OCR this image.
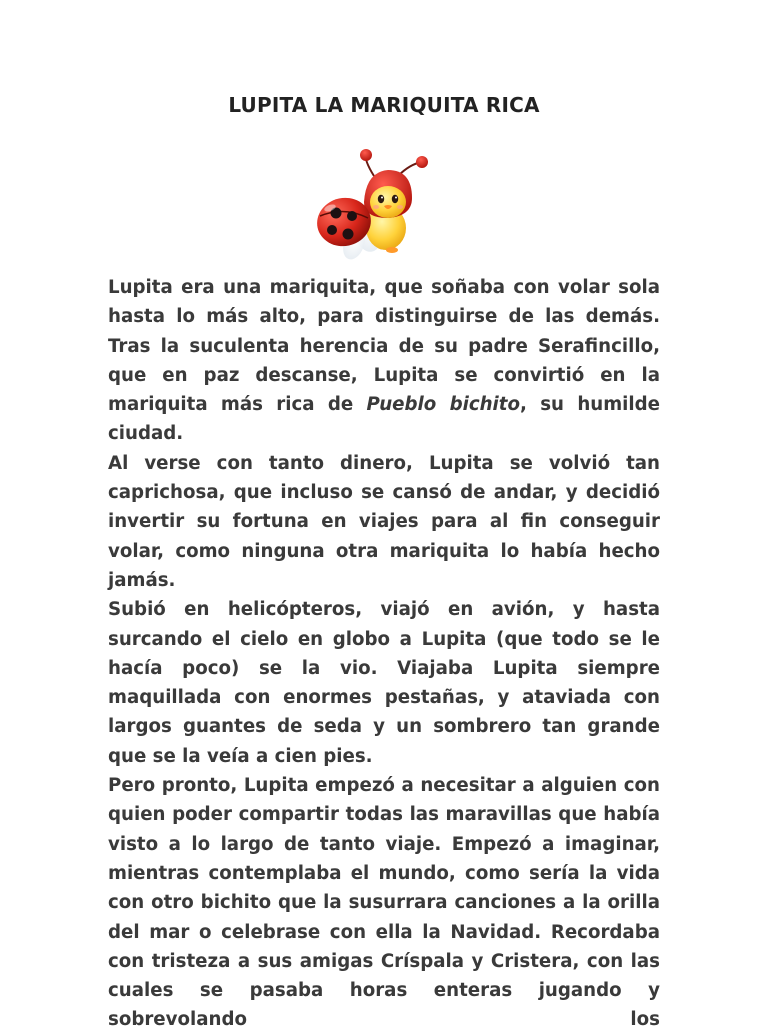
LUPITA LA MARIQUITA RICA

Lupita era una mariquita, que soñaba con volar sola hasta lo más alto, para distinguirse de las demás. Tras la suculenta herencia de su padre Serafincillo, que en paz descanse, Lupita se convirtió en la mariquita más rica de Pueblo bichito, su humilde ciudad.

Al verse con tanto dinero, Lupita se volvió tan caprichosa, que incluso se cansó de andar, y decidió invertir su fortuna en viajes para al fin conseguir volar, como ninguna otra mariquita lo había hecho jamás.

Subió en helicópteros, viajó en avión, y hasta surcando el cielo en globo a Lupita (que todo se le hacía poco) se la vio. Viajaba Lupita siempre maquillada con enormes pestañas, y ataviada con largos guantes de seda y un sombrero tan grande que se la veía a cien pies.

Pero pronto, Lupita empezó a necesitar a alguien con quien poder compartir todas las maravillas que había visto a lo largo de tanto viaje. Empezó a imaginar, mientras contemplaba el mundo, como sería la vida con otro bichito que la susurrara canciones a la orilla del mar o celebrase con ella la Navidad. Recordaba con tristeza a sus amigas Críspala y Cristera, con las cuales se pasaba horas enteras jugando y sobrevolando los
